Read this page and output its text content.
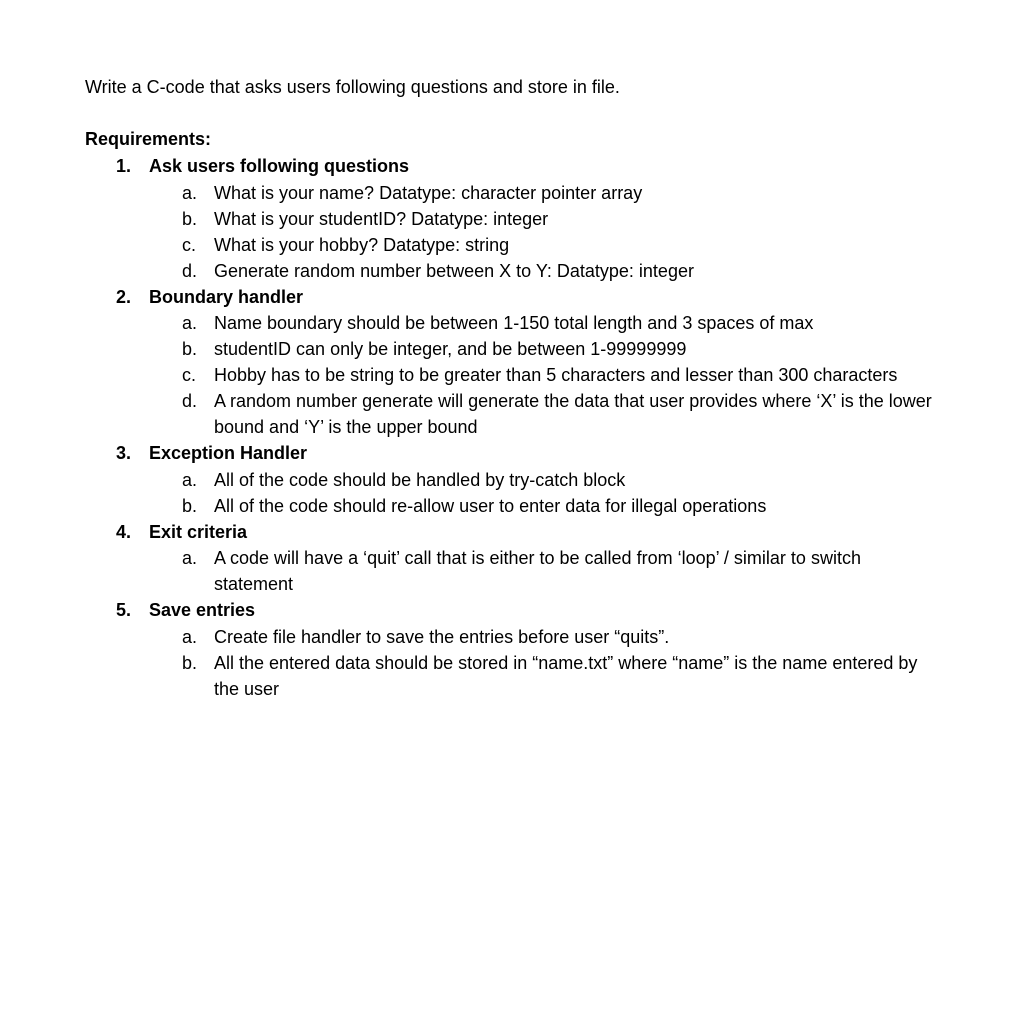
Write a C-code that asks users following questions and store in file.
Requirements:
1. Ask users following questions
a. What is your name? Datatype: character pointer array
b. What is your studentID? Datatype: integer
c. What is your hobby? Datatype: string
d. Generate random number between X to Y: Datatype: integer
2. Boundary handler
a. Name boundary should be between 1-150 total length and 3 spaces of max
b. studentID can only be integer, and be between 1-99999999
c. Hobby has to be string to be greater than 5 characters and lesser than 300 characters
d. A random number generate will generate the data that user provides where ‘X’ is the lower bound and ‘Y’ is the upper bound
3. Exception Handler
a. All of the code should be handled by try-catch block
b. All of the code should re-allow user to enter data for illegal operations
4. Exit criteria
a. A code will have a ‘quit’ call that is either to be called from ‘loop’ / similar to switch statement
5. Save entries
a. Create file handler to save the entries before user “quits”.
b. All the entered data should be stored in “name.txt” where “name” is the name entered by the user
